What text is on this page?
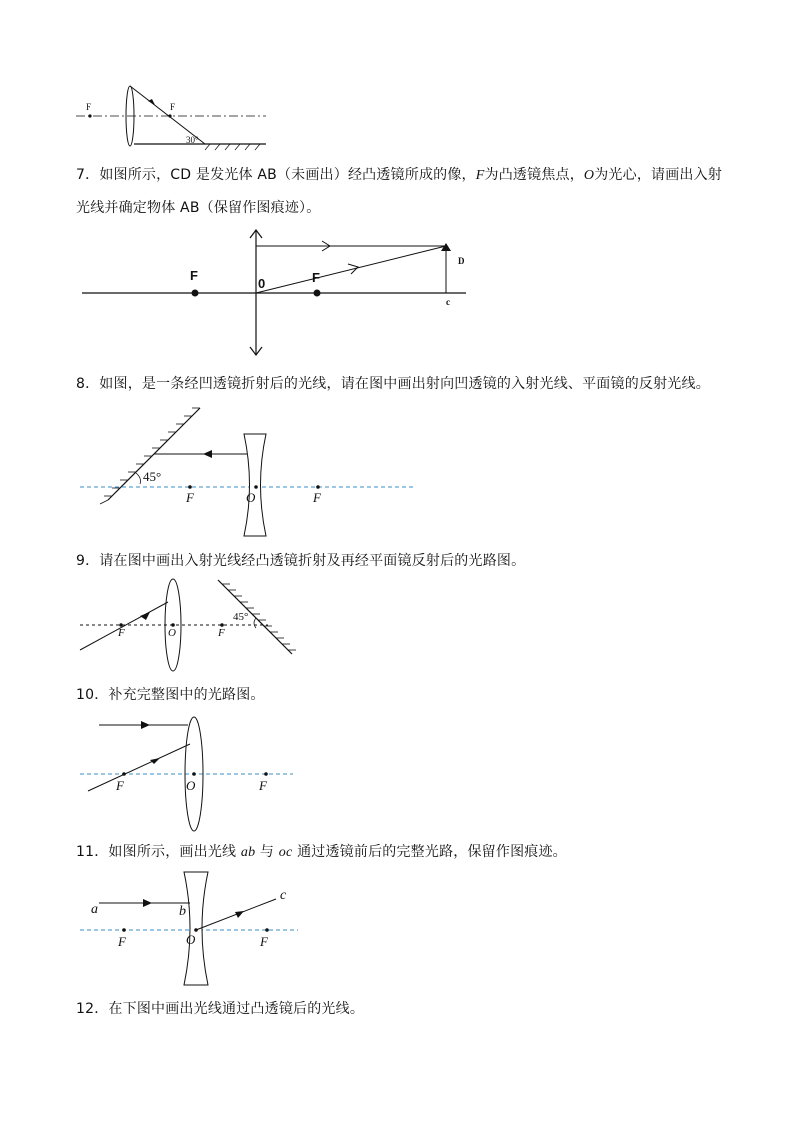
F	F
30°
7．如图所示，CD 是发光体 AB（未画出）经凸透镜所成的像，F为凸透镜焦点，O为光心，请画出入射
光线并确定物体 AB（保留作图痕迹）。
F
0	F
D
c
8．如图，是一条经凹透镜折射后的光线，请在图中画出射向凹透镜的入射光线、平面镜的反射光线。
45°
F	O	F
9．请在图中画出入射光线经凸透镜折射及再经平面镜反射后的光路图。
F	O	F
45°
10．补充完整图中的光路图。
F	O	F
11．如图所示，画出光线 ab 与 oc 通过透镜前后的完整光路，保留作图痕迹。
a	b
c
F	O	F
12．在下图中画出光线通过凸透镜后的光线。
